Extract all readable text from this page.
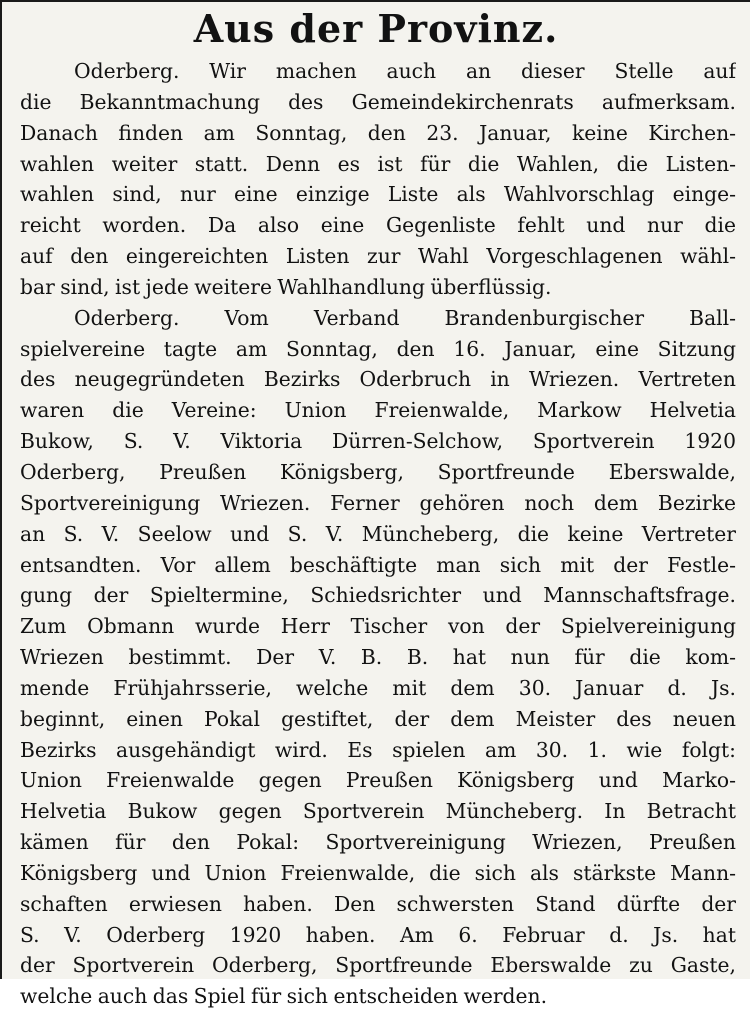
Aus der Provinz.
Oderberg. Wir machen auch an dieser Stelle auf
die Bekanntmachung des Gemeindekirchenrats aufmerksam.
Danach finden am Sonntag, den 23. Januar, keine Kirchen-
wahlen weiter statt. Denn es ist für die Wahlen, die Listen-
wahlen sind, nur eine einzige Liste als Wahlvorschlag einge-
reicht worden. Da also eine Gegenliste fehlt und nur die
auf den eingereichten Listen zur Wahl Vorgeschlagenen wähl-
bar sind, ist jede weitere Wahlhandlung überflüssig.
Oderberg. Vom Verband Brandenburgischer Ball-
spielvereine tagte am Sonntag, den 16. Januar, eine Sitzung
des neugegründeten Bezirks Oderbruch in Wriezen. Vertreten
waren die Vereine: Union Freienwalde, Markow Helvetia
Bukow, S. V. Viktoria Dürren-Selchow, Sportverein 1920
Oderberg, Preußen Königsberg, Sportfreunde Eberswalde,
Sportvereinigung Wriezen. Ferner gehören noch dem Bezirke
an S. V. Seelow und S. V. Müncheberg, die keine Vertreter
entsandten. Vor allem beschäftigte man sich mit der Festle-
gung der Spieltermine, Schiedsrichter und Mannschaftsfrage.
Zum Obmann wurde Herr Tischer von der Spielvereinigung
Wriezen bestimmt. Der V. B. B. hat nun für die kom-
mende Frühjahrsserie, welche mit dem 30. Januar d. Js.
beginnt, einen Pokal gestiftet, der dem Meister des neuen
Bezirks ausgehändigt wird. Es spielen am 30. 1. wie folgt:
Union Freienwalde gegen Preußen Königsberg und Marko-
Helvetia Bukow gegen Sportverein Müncheberg. In Betracht
kämen für den Pokal: Sportvereinigung Wriezen, Preußen
Königsberg und Union Freienwalde, die sich als stärkste Mann-
schaften erwiesen haben. Den schwersten Stand dürfte der
S. V. Oderberg 1920 haben. Am 6. Februar d. Js. hat
der Sportverein Oderberg, Sportfreunde Eberswalde zu Gaste,
welche auch das Spiel für sich entscheiden werden.
